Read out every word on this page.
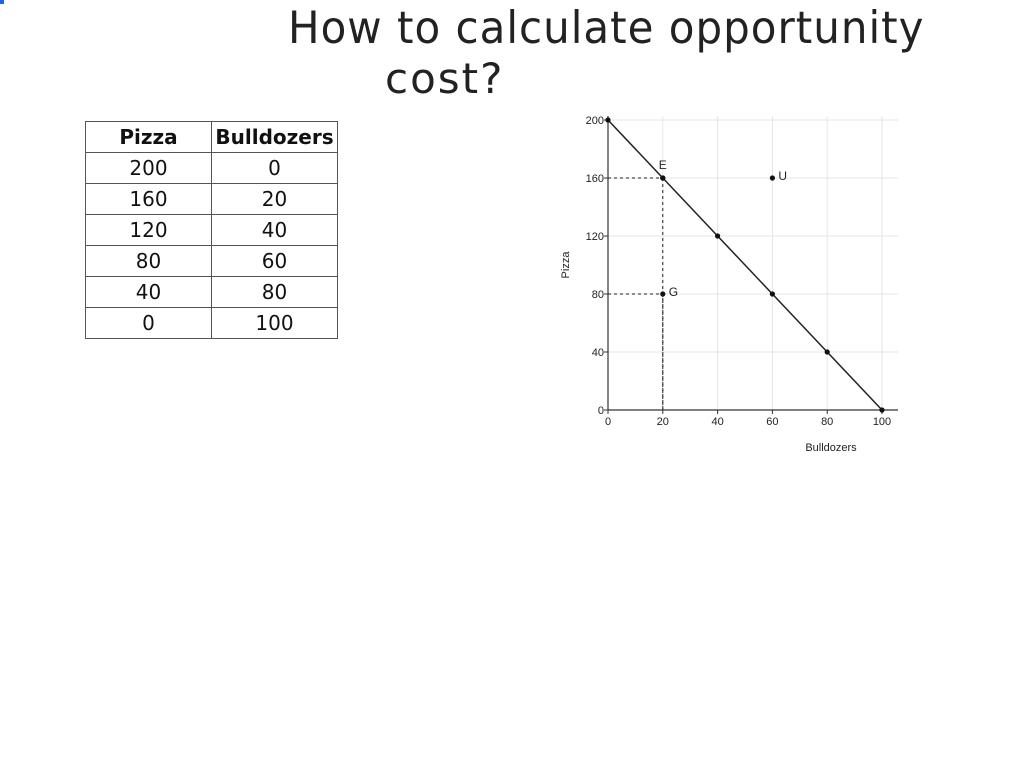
How to calculate opportunity
cost?
Pizza	Bulldozers
200	0
160	20
120	40
80	60
40	80
0	100
0	20	40	60	80	100
0
40
80
120
160
200
E
U
G
Bulldozers
Pizza
